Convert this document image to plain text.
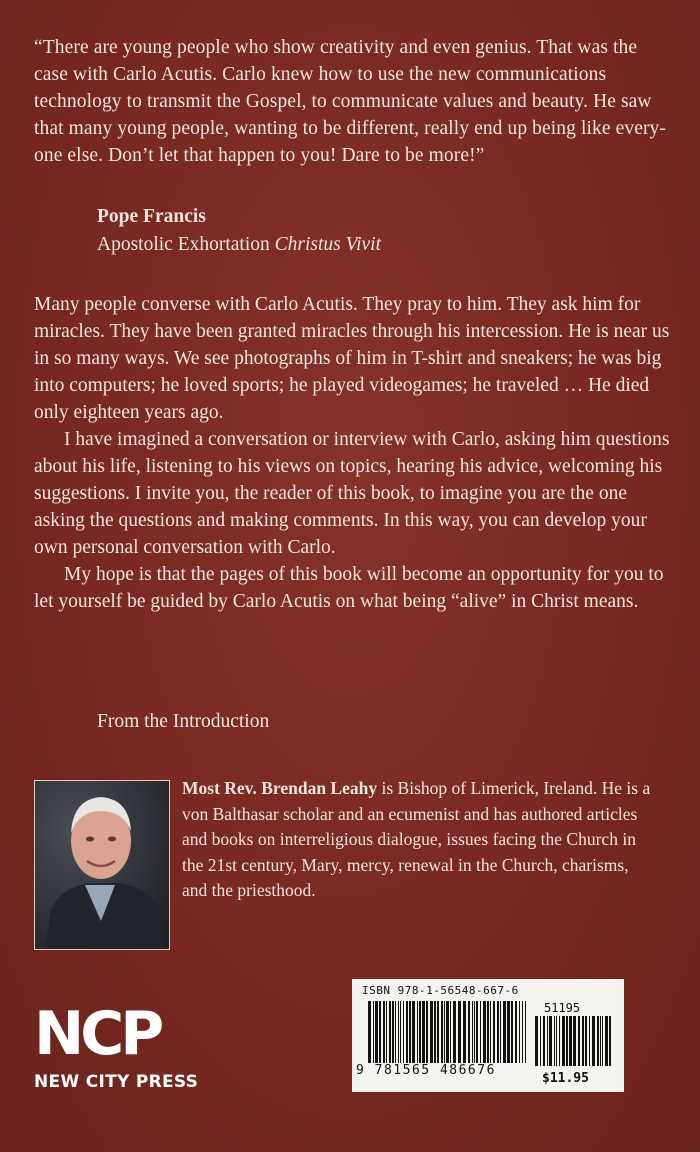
“There are young people who show creativity and even genius. That was the case with Carlo Acutis. Carlo knew how to use the new communications technology to transmit the Gospel, to communicate values and beauty. He saw that many young people, wanting to be different, really end up being like every-one else. Don’t let that happen to you! Dare to be more!”
Pope Francis
Apostolic Exhortation Christus Vivit

Many people converse with Carlo Acutis. They pray to him. They ask him for miracles. They have been granted miracles through his intercession. He is near us in so many ways. We see photographs of him in T-shirt and sneakers; he was big into computers; he loved sports; he played videogames; he traveled … He died only eighteen years ago.

I have imagined a conversation or interview with Carlo, asking him questions about his life, listening to his views on topics, hearing his advice, welcoming his suggestions. I invite you, the reader of this book, to imagine you are the one asking the questions and making comments. In this way, you can develop your own personal conversation with Carlo.

My hope is that the pages of this book will become an opportunity for you to let yourself be guided by Carlo Acutis on what being “alive” in Christ means.

From the Introduction
Most Rev. Brendan Leahy is Bishop of Limerick, Ireland. He is a von Balthasar scholar and an ecumenist and has authored articles and books on interreligious dialogue, issues facing the Church in the 21st century, Mary, mercy, renewal in the Church, charisms, and the priesthood.
NCP
NEW CITY PRESS
ISBN 978-1-56548-667-6
51195
9 781565 486676
$11.95
